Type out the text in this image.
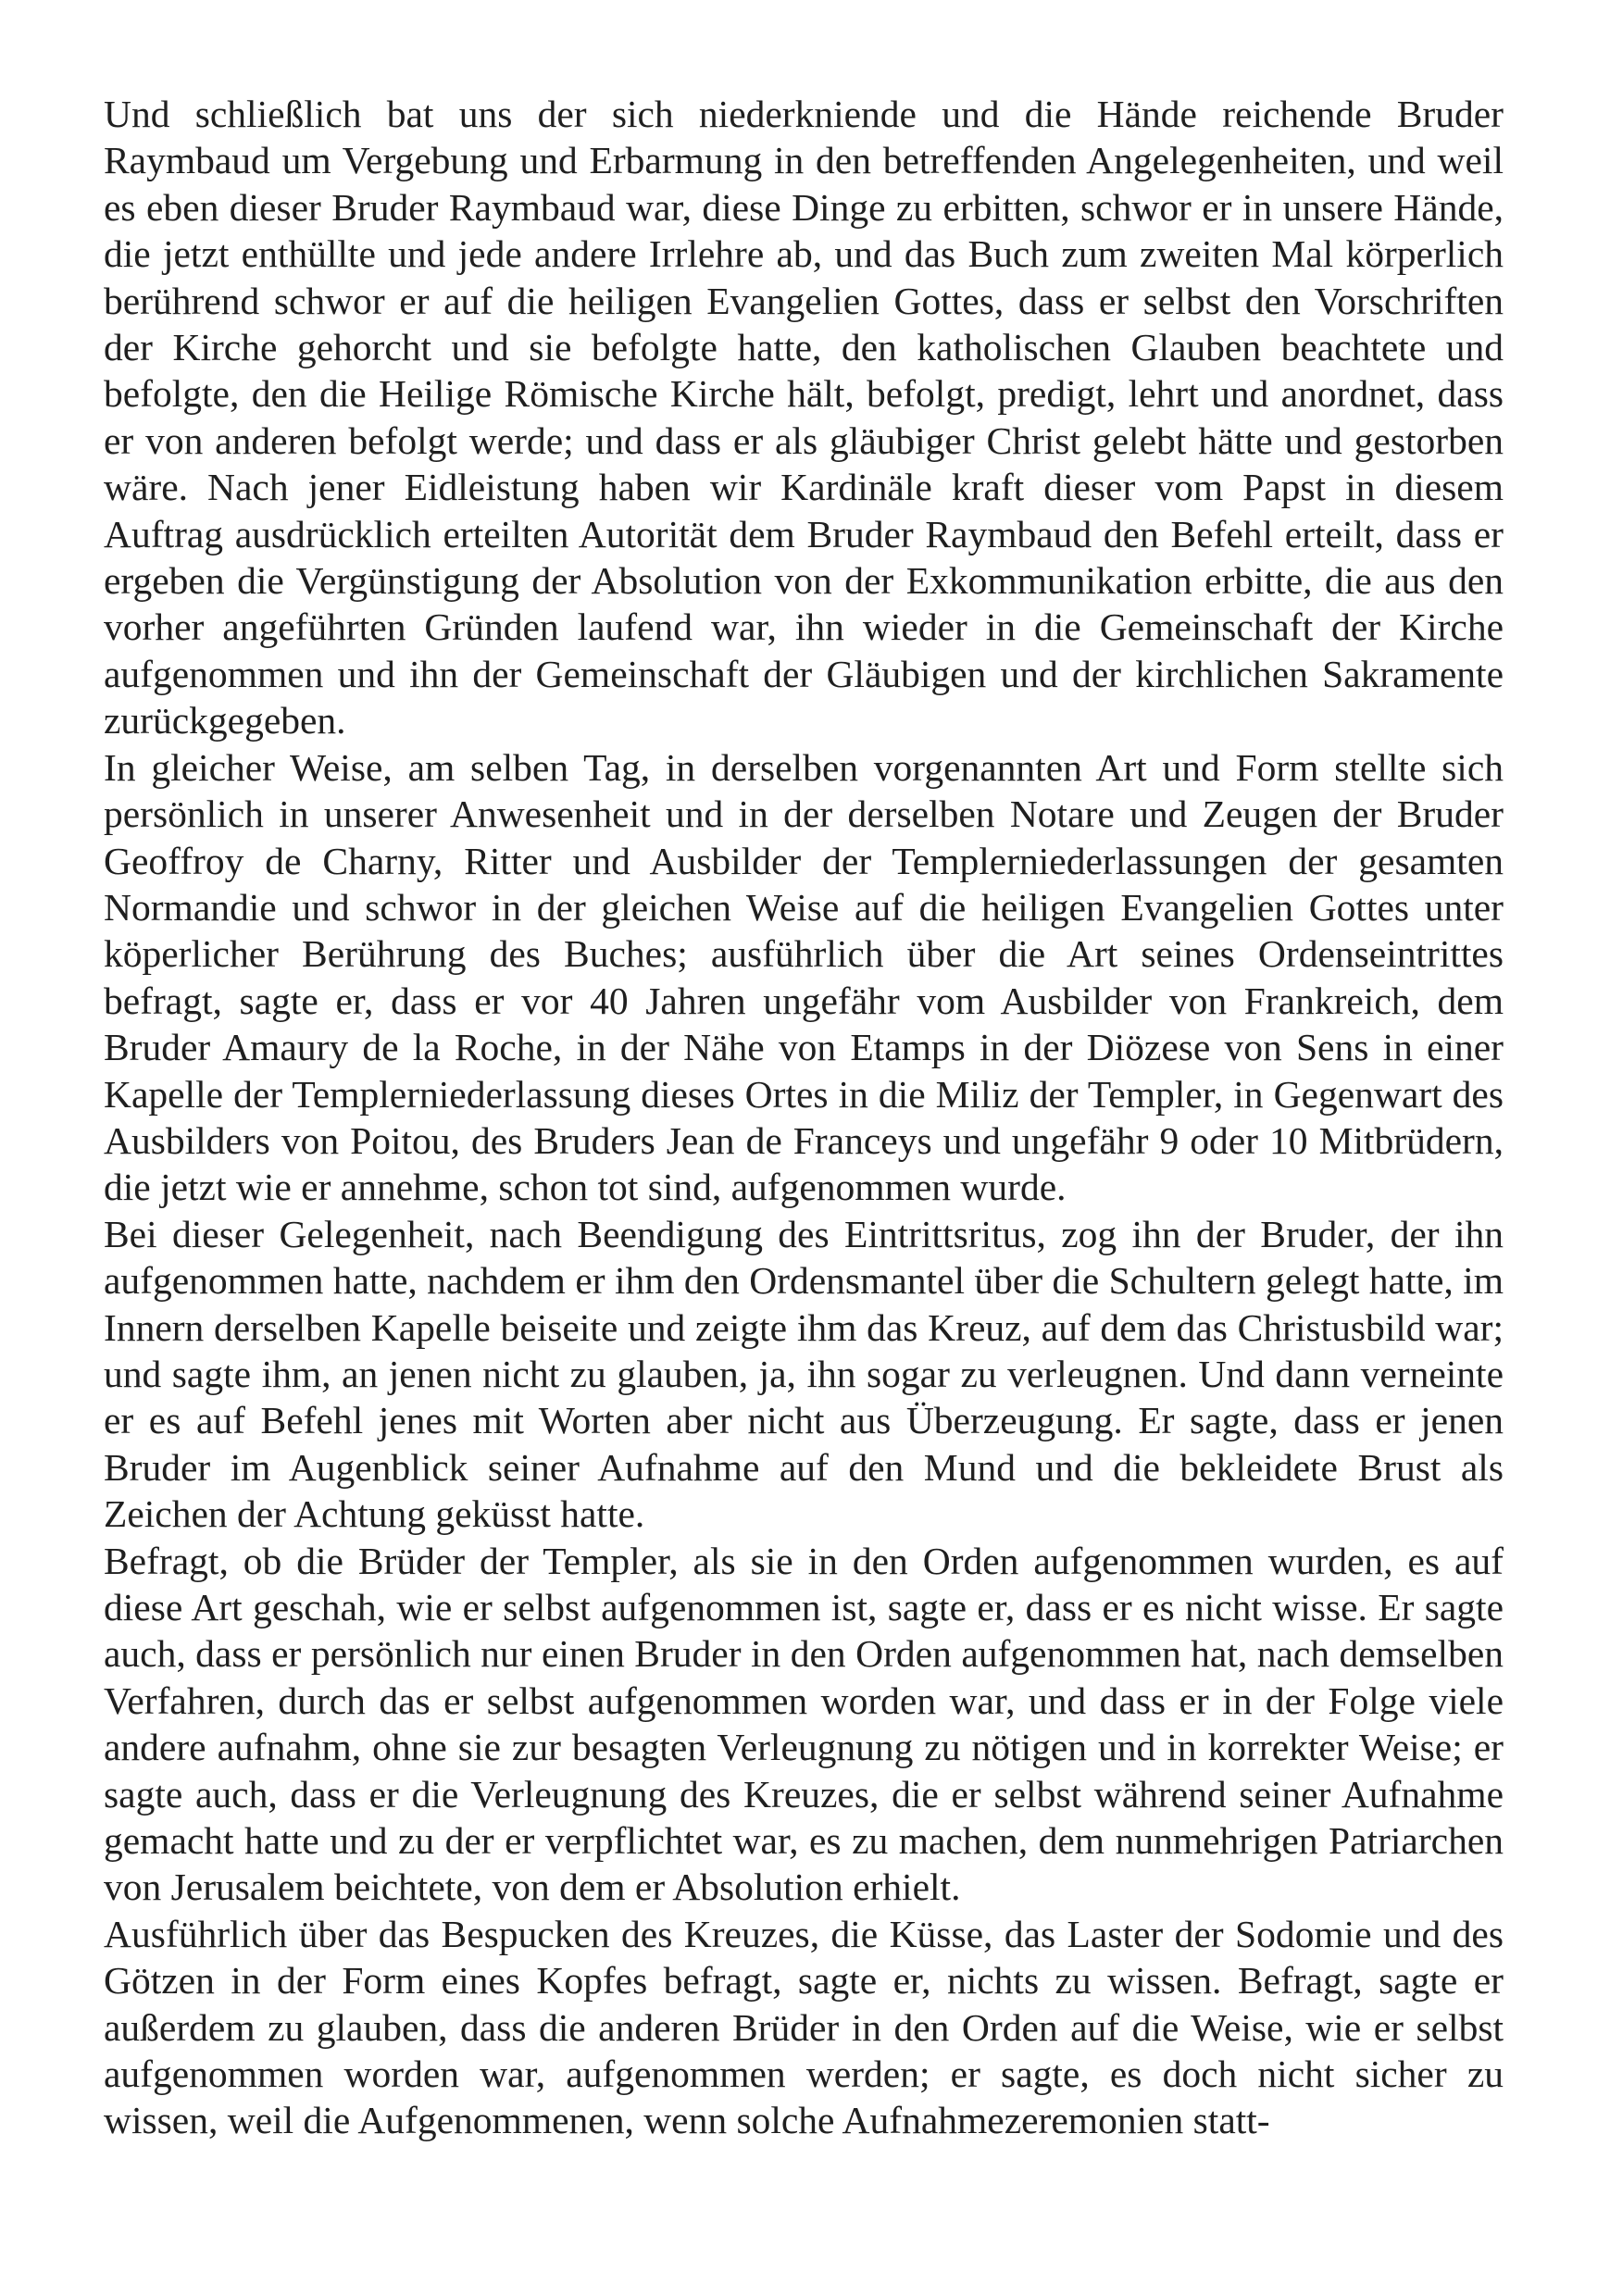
Und schließlich bat uns der sich niederkniende und die Hände reichende Bruder Raymbaud um Vergebung und Erbarmung in den betreffenden Angelegenheiten, und weil es eben dieser Bruder Raymbaud war, diese Dinge zu erbitten, schwor er in unsere Hände, die jetzt enthüllte und jede andere Irrlehre ab, und das Buch zum zweiten Mal körperlich berührend schwor er auf die heiligen Evangelien Gottes, dass er selbst den Vorschriften der Kirche gehorcht und sie befolgte hatte, den katholischen Glauben beachtete und befolgte, den die Heilige Römische Kirche hält, befolgt, predigt, lehrt und anordnet, dass er von anderen befolgt werde; und dass er als gläubiger Christ gelebt hätte und gestorben wäre. Nach jener Eidleistung haben wir Kardinäle kraft dieser vom Papst in diesem Auftrag ausdrücklich erteilten Autorität dem Bruder Raymbaud den Befehl erteilt, dass er ergeben die Vergünstigung der Absolution von der Exkommunikation erbitte, die aus den vorher angeführten Gründen laufend war, ihn wieder in die Gemeinschaft der Kirche aufgenommen und ihn der Gemeinschaft der Gläubigen und der kirchlichen Sakramente zurückgegeben.

In gleicher Weise, am selben Tag, in derselben vorgenannten Art und Form stellte sich persönlich in unserer Anwesenheit und in der derselben Notare und Zeugen der Bruder Geoffroy de Charny, Ritter und Ausbilder der Templerniederlassungen der gesamten Normandie und schwor in der gleichen Weise auf die heiligen Evangelien Gottes unter köperlicher Berührung des Buches; ausführlich über die Art seines Ordenseintrittes befragt, sagte er, dass er vor 40 Jahren ungefähr vom Ausbilder von Frankreich, dem Bruder Amaury de la Roche, in der Nähe von Etamps in der Diözese von Sens in einer Kapelle der Templerniederlassung dieses Ortes in die Miliz der Templer, in Gegenwart des Ausbilders von Poitou, des Bruders Jean de Franceys und ungefähr 9 oder 10 Mitbrüdern, die jetzt wie er annehme, schon tot sind, aufgenommen wurde.

Bei dieser Gelegenheit, nach Beendigung des Eintrittsritus, zog ihn der Bruder, der ihn aufgenommen hatte, nachdem er ihm den Ordensmantel über die Schultern gelegt hatte, im Innern derselben Kapelle beiseite und zeigte ihm das Kreuz, auf dem das Christusbild war; und sagte ihm, an jenen nicht zu glauben, ja, ihn sogar zu verleugnen. Und dann verneinte er es auf Befehl jenes mit Worten aber nicht aus Überzeugung. Er sagte, dass er jenen Bruder im Augenblick seiner Aufnahme auf den Mund und die bekleidete Brust als Zeichen der Achtung geküsst hatte.

Befragt, ob die Brüder der Templer, als sie in den Orden aufgenommen wurden, es auf diese Art geschah, wie er selbst aufgenommen ist, sagte er, dass er es nicht wisse. Er sagte auch, dass er persönlich nur einen Bruder in den Orden aufgenommen hat, nach demselben Verfahren, durch das er selbst aufgenommen worden war, und dass er in der Folge viele andere aufnahm, ohne sie zur besagten Verleugnung zu nötigen und in korrekter Weise; er sagte auch, dass er die Verleugnung des Kreuzes, die er selbst während seiner Aufnahme gemacht hatte und zu der er verpflichtet war, es zu machen, dem nunmehrigen Patriarchen von Jerusalem beichtete, von dem er Absolution erhielt.

Ausführlich über das Bespucken des Kreuzes, die Küsse, das Laster der Sodomie und des Götzen in der Form eines Kopfes befragt, sagte er, nichts zu wissen. Befragt, sagte er außerdem zu glauben, dass die anderen Brüder in den Orden auf die Weise, wie er selbst aufgenommen worden war, aufgenommen werden; er sagte, es doch nicht sicher zu wissen, weil die Aufgenommenen, wenn solche Aufnahmezeremonien statt-
